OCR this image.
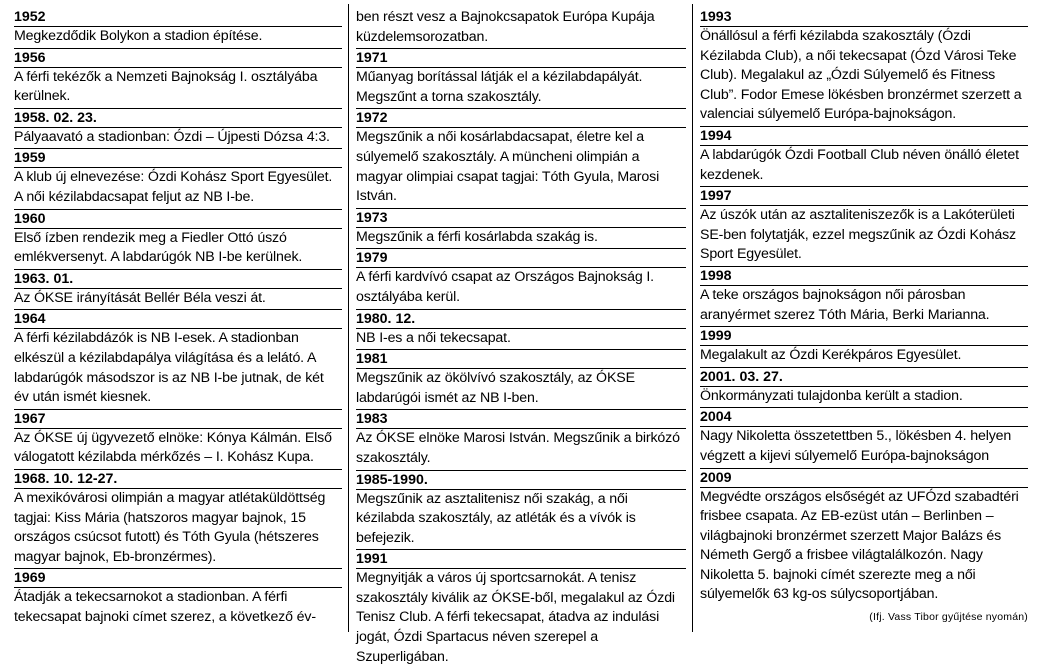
1952
Megkezdődik Bolykon a stadion építése.
1956
A férfi tekézők a Nemzeti Bajnokság I. osztályába kerülnek.
1958. 02. 23.
Pályaavató a stadionban: Ózdi – Újpesti Dózsa 4:3.
1959
A klub új elnevezése: Ózdi Kohász Sport Egyesület. A női kézilabdacsapat feljut az NB I-be.
1960
Első ízben rendezik meg a Fiedler Ottó úszó emlékversenyt. A labdarúgók NB I-be kerülnek.
1963. 01.
Az ÓKSE irányítását Bellér Béla veszi át.
1964
A férfi kézilabdázók is NB I-esek. A stadionban elkészül a kézilabdapálya világítása és a lelátó. A labdarúgók másodszor is az NB I-be jutnak, de két év után ismét kiesnek.
1967
Az ÓKSE új ügyvezető elnöke: Kónya Kálmán. Első válogatott kézilabda mérkőzés – I. Kohász Kupa.
1968. 10. 12-27.
A mexikóvárosi olimpián a magyar atlétaküldöttség tagjai: Kiss Mária (hatszoros magyar bajnok, 15 országos csúcsot futott) és Tóth Gyula (hétszeres magyar bajnok, Eb-bronzérmes).
1969
Átadják a tekecsarnokot a stadionban. A férfi tekecsapat bajnoki címet szerez, a következő év-
ben részt vesz a Bajnokcsapatok Európa Kupája küzdelemsorozatban.
1971
Műanyag borítással látják el a kézilabdapályát. Megszűnt a torna szakosztály.
1972
Megszűnik a női kosárlabdacsapat, életre kel a súlyemelő szakosztály. A müncheni olimpián a magyar olimpiai csapat tagjai: Tóth Gyula, Marosi István.
1973
Megszűnik a férfi kosárlabda szakág is.
1979
A férfi kardvívó csapat az Országos Bajnokság I. osztályába kerül.
1980. 12.
NB I-es a női tekecsapat.
1981
Megszűnik az ökölvívó szakosztály, az ÓKSE labdarúgói ismét az NB I-ben.
1983
Az ÓKSE elnöke Marosi István. Megszűnik a birkózó szakosztály.
1985-1990.
Megszűnik az asztalitenisz női szakág, a női kézilabda szakosztály, az atléták és a vívók is befejezik.
1991
Megnyitják a város új sportcsarnokát. A tenisz szakosztály kiválik az ÓKSE-ből, megalakul az Ózdi Tenisz Club. A férfi tekecsapat, átadva az indulási jogát, Ózdi Spartacus néven szerepel a Szuperligában.
1993
Önállósul a férfi kézilabda szakosztály (Ózdi Kézilabda Club), a női tekecsapat (Ózd Városi Teke Club). Megalakul az „Ózdi Súlyemelő és Fitness Club”. Fodor Emese lökésben bronzérmet szerzett a valenciai súlyemelő Európa-bajnokságon.
1994
A labdarúgók Ózdi Football Club néven önálló életet kezdenek.
1997
Az úszók után az asztaliteniszezők is a Lakóterületi SE-ben folytatják, ezzel megszűnik az Ózdi Kohász Sport Egyesület.
1998
A teke országos bajnokságon női párosban aranyérmet szerez Tóth Mária, Berki Marianna.
1999
Megalakult az Ózdi Kerékpáros Egyesület.
2001. 03. 27.
Önkormányzati tulajdonba került a stadion.
2004
Nagy Nikoletta összetettben 5., lökésben 4. helyen végzett a kijevi súlyemelő Európa-bajnokságon
2009
Megvédte országos elsőségét az UFÓzd szabadtéri frisbee csapata. Az EB-ezüst után – Berlinben – világbajnoki bronzérmet szerzett Major Balázs és Németh Gergő a frisbee világtalálkozón. Nagy Nikoletta 5. bajnoki címét szerezte meg a női súlyemelők 63 kg-os súlycsoportjában.
(Ifj. Vass Tibor gyűjtése nyomán)
